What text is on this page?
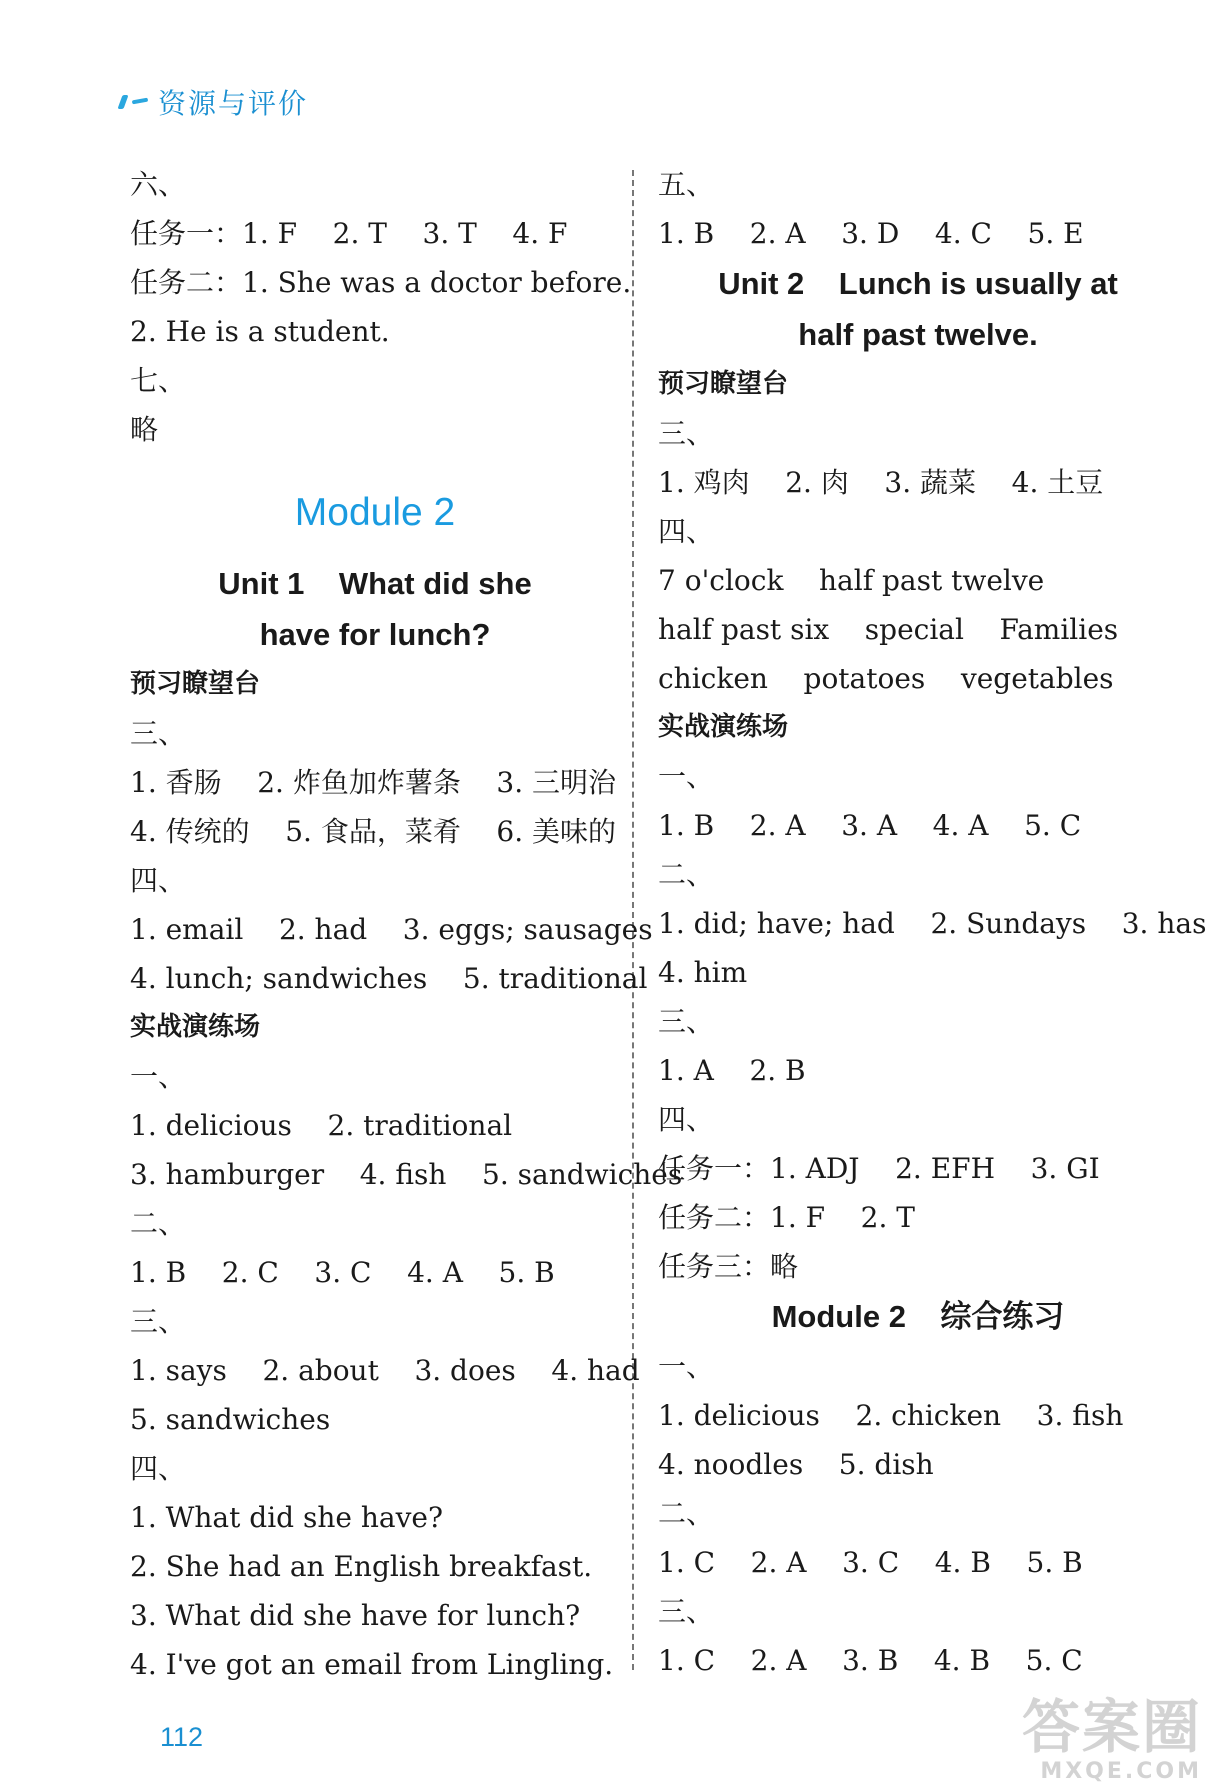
资源与评价
六、
任务一：1. F    2. T    3. T    4. F
任务二：1. She was a doctor before.
2. He is a student.
七、
略
Module 2
Unit 1    What did she
have for lunch?
预习瞭望台
三、
1. 香肠    2. 炸鱼加炸薯条    3. 三明治
4. 传统的    5. 食品，菜肴    6. 美味的
四、
1. email    2. had    3. eggs; sausages
4. lunch; sandwiches    5. traditional
实战演练场
一、
1. delicious    2. traditional
3. hamburger    4. fish    5. sandwiches
二、
1. B    2. C    3. C    4. A    5. B
三、
1. says    2. about    3. does    4. had
5. sandwiches
四、
1. What did she have?
2. She had an English breakfast.
3. What did she have for lunch?
4. I've got an email from Lingling.
五、
1. B    2. A    3. D    4. C    5. E
Unit 2    Lunch is usually at
half past twelve.
预习瞭望台
三、
1. 鸡肉    2. 肉    3. 蔬菜    4. 土豆
四、
7 o'clock    half past twelve
half past six    special    Families
chicken    potatoes    vegetables
实战演练场
一、
1. B    2. A    3. A    4. A    5. C
二、
1. did; have; had    2. Sundays    3. has
4. him
三、
1. A    2. B
四、
任务一：1. ADJ    2. EFH    3. GI
任务二：1. F    2. T
任务三：略
Module 2    综合练习
一、
1. delicious    2. chicken    3. fish
4. noodles    5. dish
二、
1. C    2. A    3. C    4. B    5. B
三、
1. C    2. A    3. B    4. B    5. C
112	答案圈
MXQE.COM
